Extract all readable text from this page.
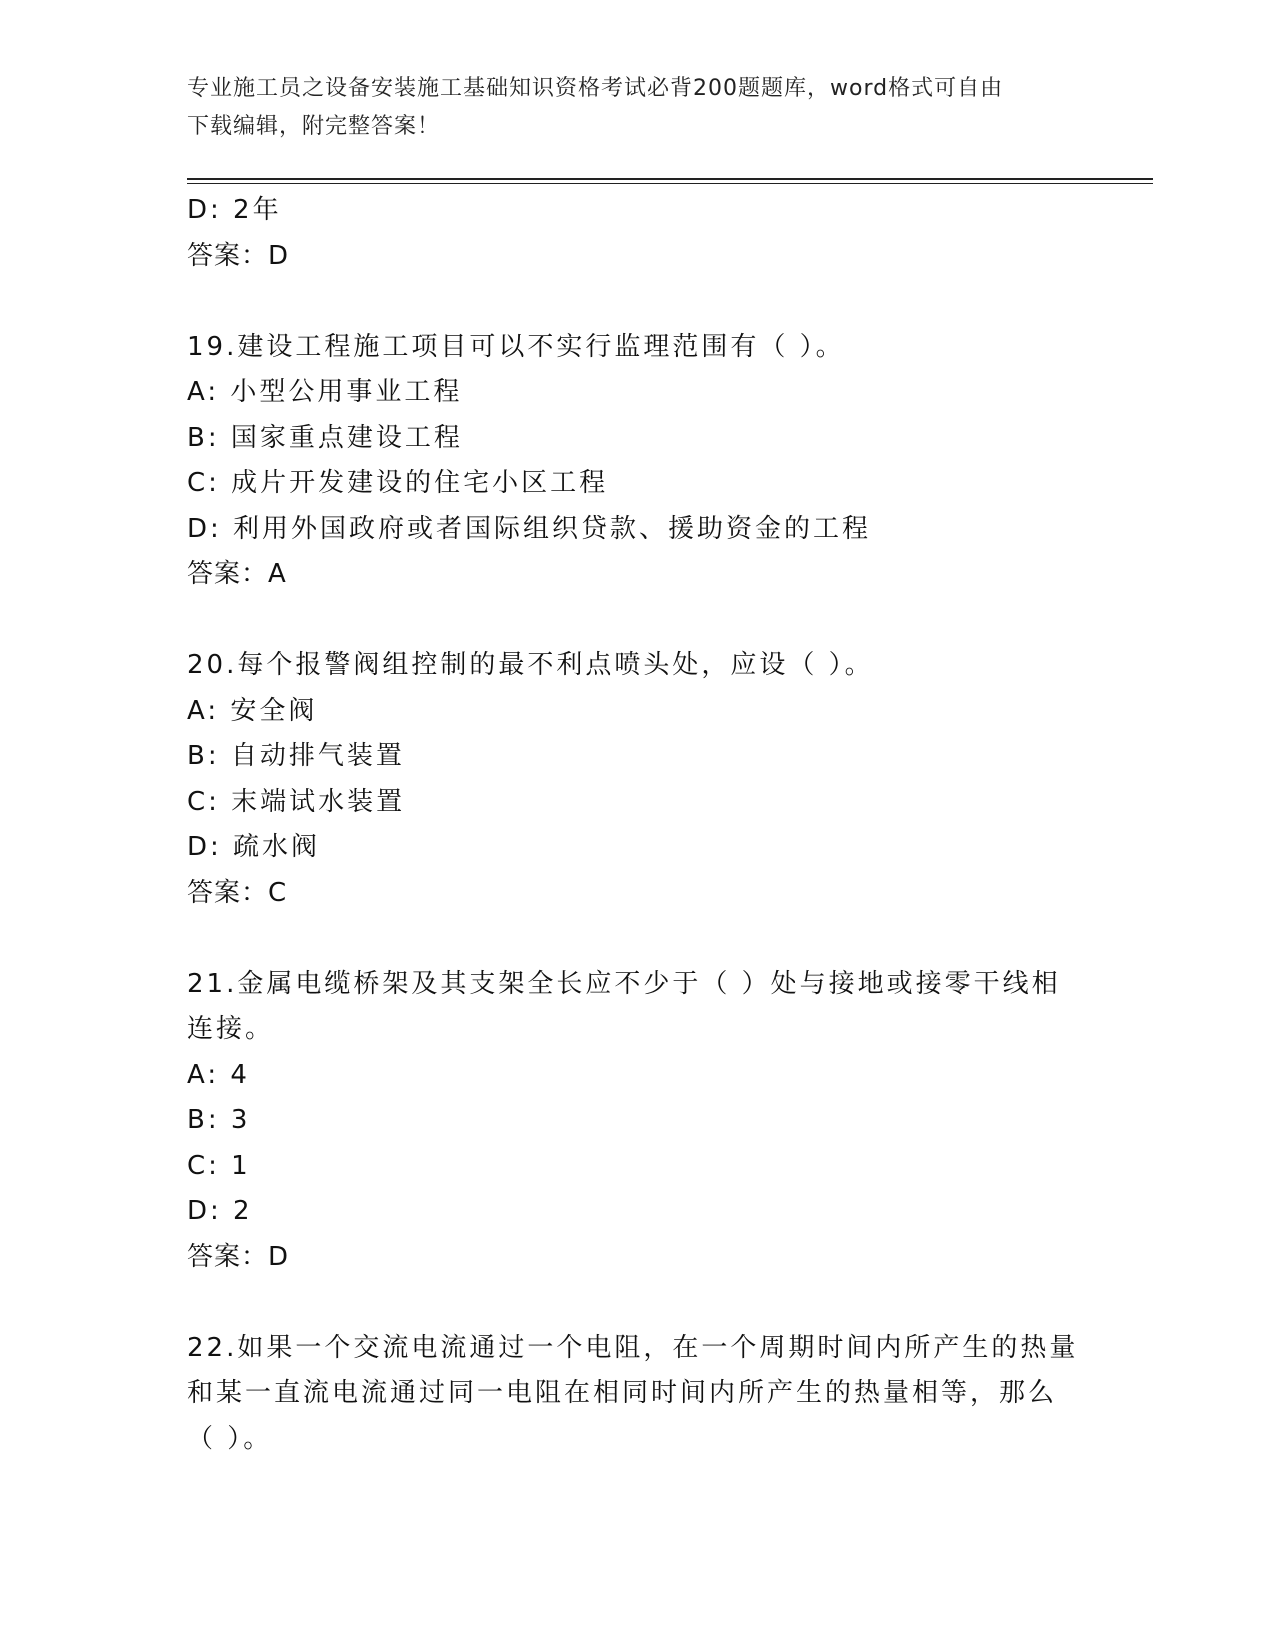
专业施工员之设备安装施工基础知识资格考试必背200题题库，word格式可自由
下载编辑，附完整答案！
D: 2年
答案：D
19.建设工程施工项目可以不实行监理范围有（ ）。
A: 小型公用事业工程
B: 国家重点建设工程
C: 成片开发建设的住宅小区工程
D: 利用外国政府或者国际组织贷款、援助资金的工程
答案：A
20.每个报警阀组控制的最不利点喷头处，应设（ ）。
A: 安全阀
B: 自动排气装置
C: 末端试水装置
D: 疏水阀
答案：C
21.金属电缆桥架及其支架全长应不少于（ ）处与接地或接零干线相
连接。
A: 4
B: 3
C: 1
D: 2
答案：D
22.如果一个交流电流通过一个电阻，在一个周期时间内所产生的热量
和某一直流电流通过同一电阻在相同时间内所产生的热量相等，那么
（ ）。
